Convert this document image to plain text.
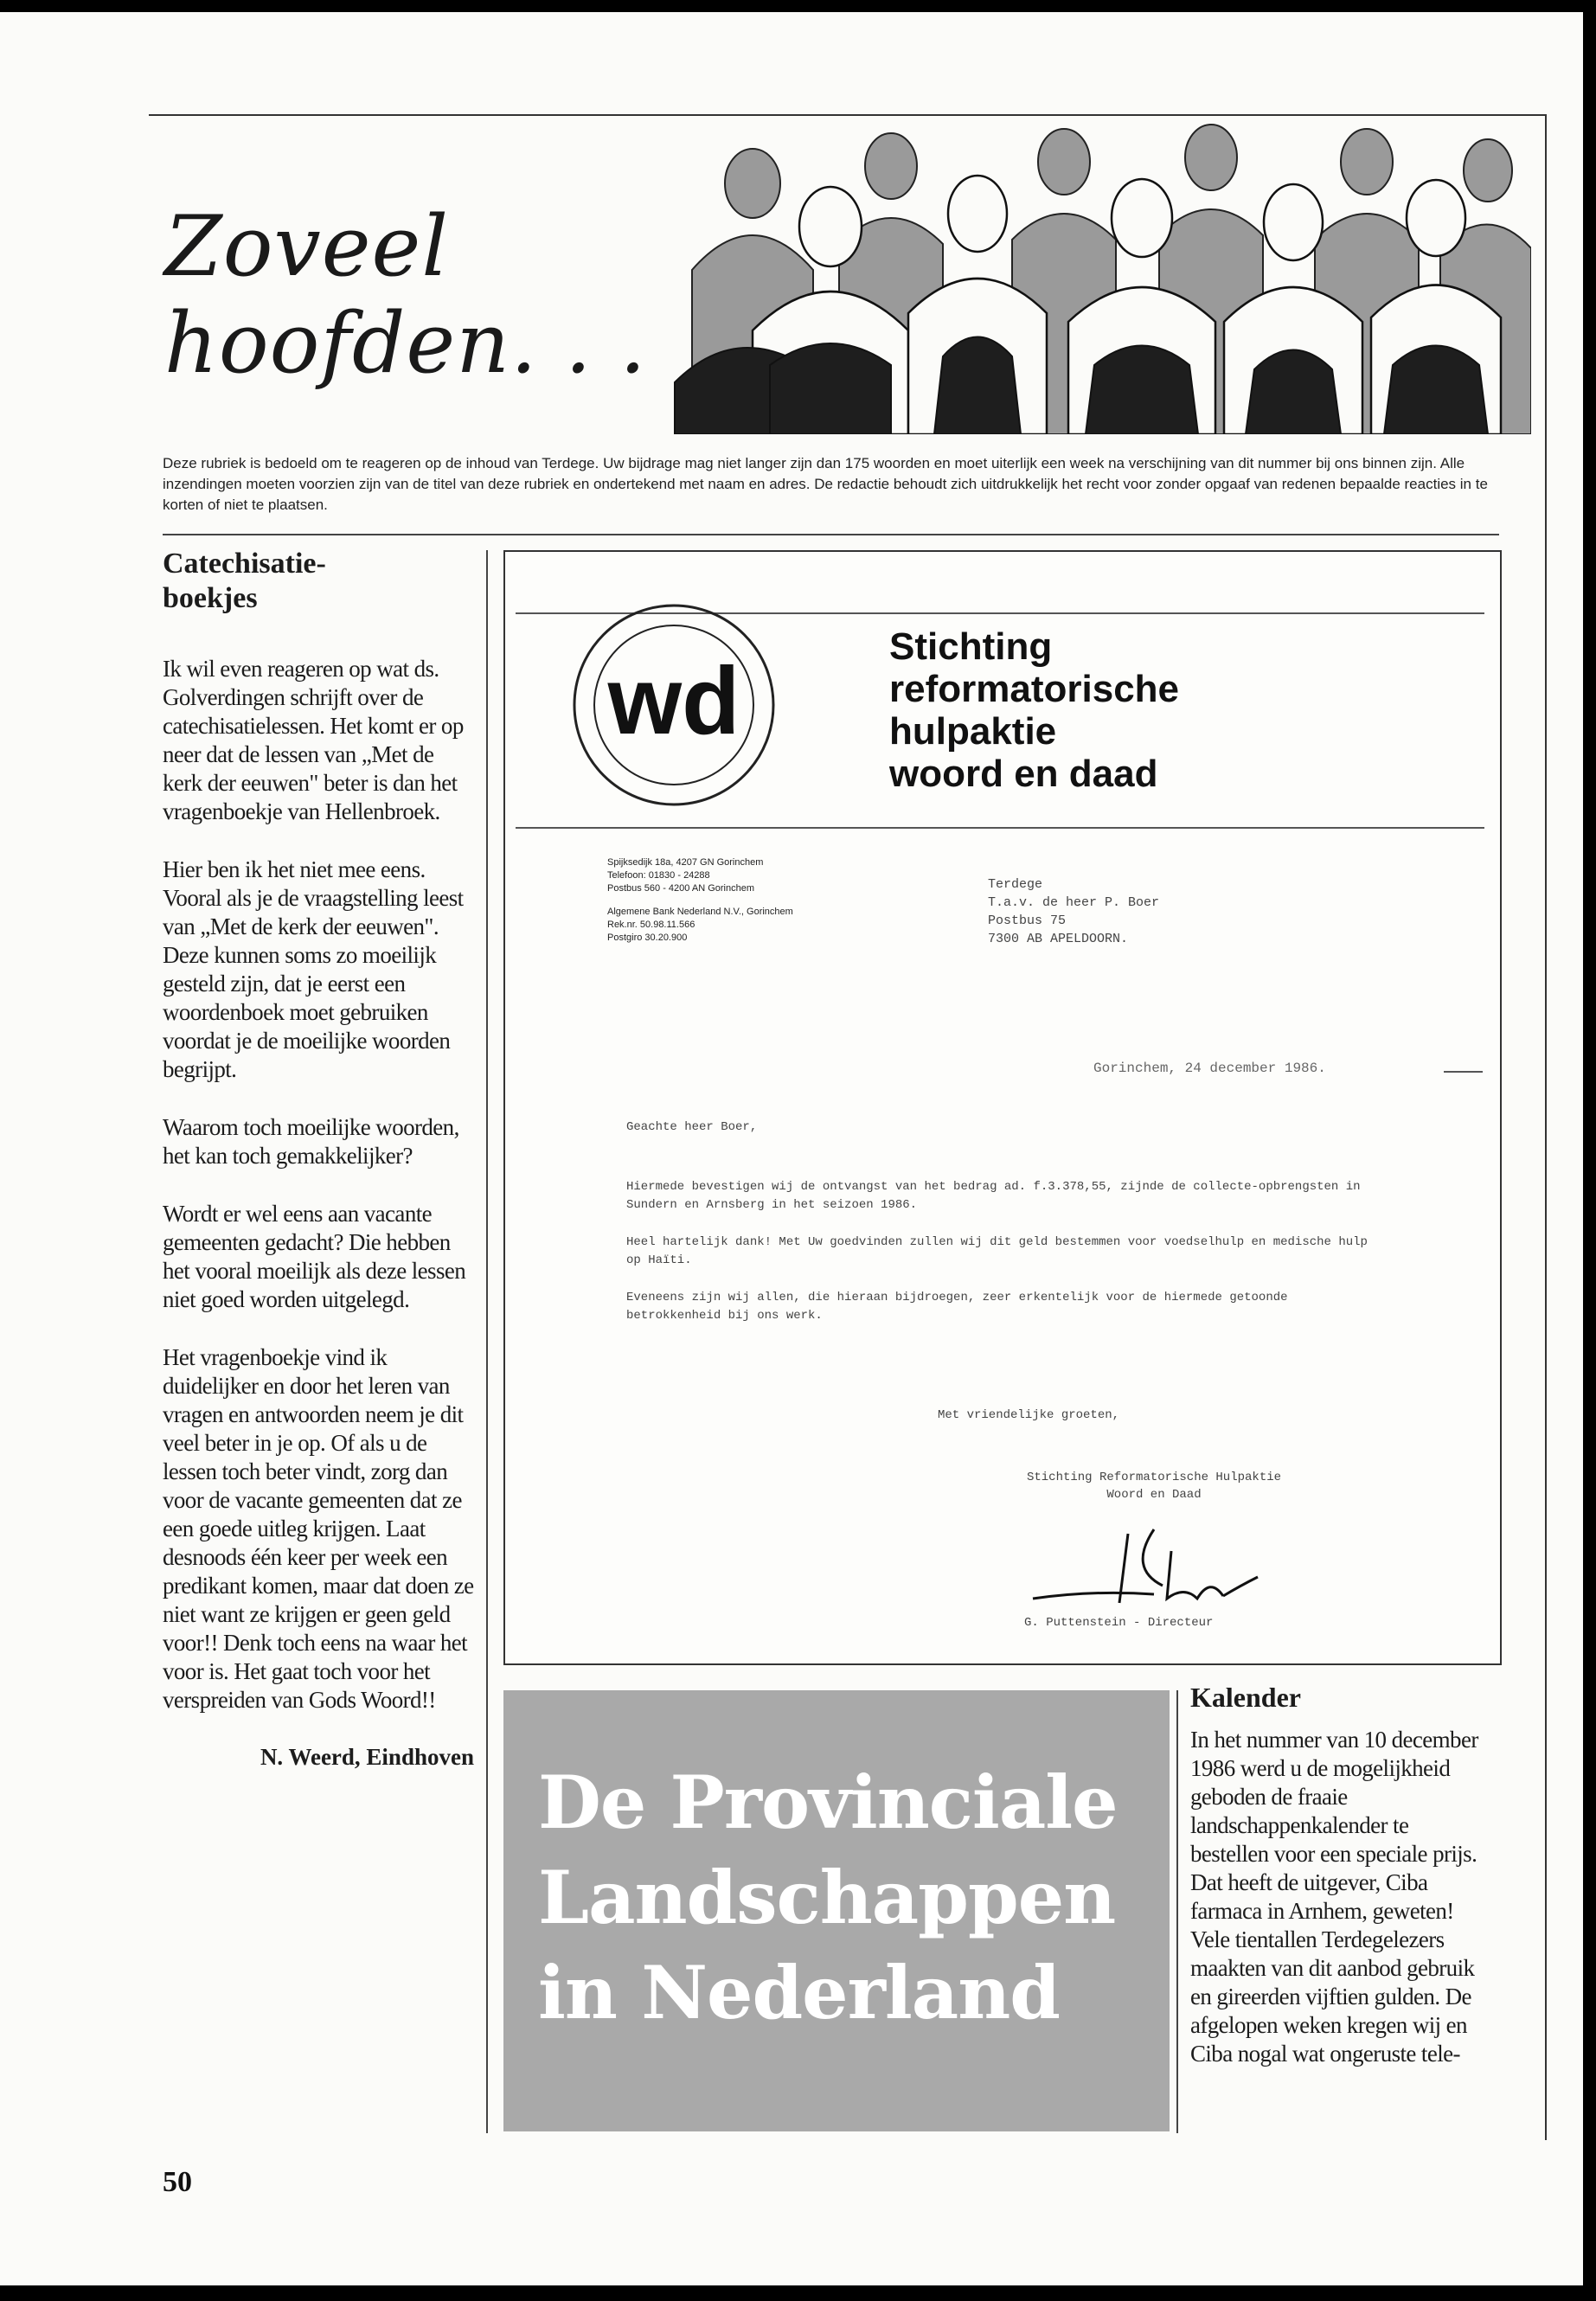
Zoveel
hoofden. . .
Deze rubriek is bedoeld om te reageren op de inhoud van Terdege. Uw bijdrage mag niet langer zijn dan 175 woorden en moet uiterlijk een week na verschijning van dit nummer bij ons binnen zijn. Alle inzendingen moeten voorzien zijn van de titel van deze rubriek en ondertekend met naam en adres. De redactie behoudt zich uitdrukkelijk het recht voor zonder opgaaf van redenen bepaalde reacties in te korten of niet te plaatsen.
Catechisatie-
boekjes

Ik wil even reageren op wat ds. Golverdingen schrijft over de catechisatielessen. Het komt er op neer dat de lessen van „Met de kerk der eeuwen" beter is dan het vragenboekje van Hellenbroek.

Hier ben ik het niet mee eens. Vooral als je de vraagstelling leest van „Met de kerk der eeuwen". Deze kunnen soms zo moeilijk gesteld zijn, dat je eerst een woordenboek moet gebruiken voordat je de moeilijke woorden begrijpt.

Waarom toch moeilijke woorden, het kan toch gemakkelijker?

Wordt er wel eens aan vacante gemeenten gedacht? Die hebben het vooral moeilijk als deze lessen niet goed worden uitgelegd.

Het vragenboekje vind ik duidelijker en door het leren van vragen en antwoorden neem je dit veel beter in je op. Of als u de lessen toch beter vindt, zorg dan voor de vacante gemeenten dat ze een goede uitleg krijgen. Laat desnoods één keer per week een predikant komen, maar dat doen ze niet want ze krijgen er geen geld voor!! Denk toch eens na waar het voor is. Het gaat toch voor het verspreiden van Gods Woord!!

N. Weerd, Eindhoven
wd
Stichting
reformatorische
hulpaktie
woord en daad
Spijksedijk 18a, 4207 GN Gorinchem
Telefoon: 01830 - 24288
Postbus 560 - 4200 AN Gorinchem
Algemene Bank Nederland N.V., Gorinchem
Rek.nr. 50.98.11.566
Postgiro 30.20.900
Terdege
T.a.v. de heer P. Boer
Postbus 75
7300 AB APELDOORN.
Gorinchem, 24 december 1986.

Geachte heer Boer,

Hiermede bevestigen wij de ontvangst van het bedrag ad. f.3.378,55, zijnde de collecte-opbrengsten in Sundern en Arnsberg in het seizoen 1986.

Heel hartelijk dank! Met Uw goedvinden zullen wij dit geld bestemmen voor voedselhulp en medische hulp op Haïti.

Eveneens zijn wij allen, die hieraan bijdroegen, zeer erkentelijk voor de hiermede getoonde betrokkenheid bij ons werk.

Met vriendelijke groeten,
Stichting Reformatorische Hulpaktie
Woord en Daad
G. Puttenstein - Directeur
De Provinciale
Landschappen
in Nederland
Kalender

In het nummer van 10 december 1986 werd u de mogelijkheid geboden de fraaie landschappenkalender te bestellen voor een speciale prijs. Dat heeft de uitgever, Ciba farmaca in Arnhem, geweten! Vele tientallen Terdegelezers maakten van dit aanbod gebruik en gireerden vijftien gulden. De afgelopen weken kregen wij en Ciba nogal wat ongeruste tele-

50
